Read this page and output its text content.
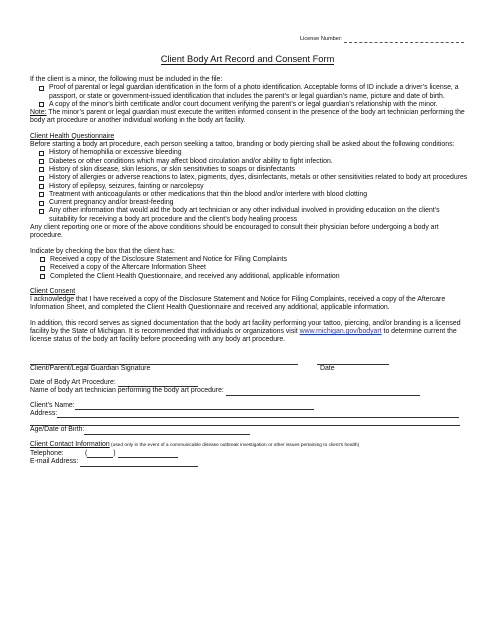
License Number:
Client Body Art Record and Consent Form

If the client is a minor, the following must be included in the file:

Proof of parental or legal guardian identification in the form of a photo identification. Acceptable forms of ID include a driver’s license, a passport, or state or government-issued identification that includes the parent’s or legal guardian’s name, picture and date of birth.
A copy of the minor’s birth certificate and/or court document verifying the parent’s or legal guardian’s relationship with the minor.

Note: The minor’s parent or legal guardian must execute the written informed consent in the presence of the body art technician performing the body art procedure or another individual working in the body art facility.

Client Health Questionnaire

Before starting a body art procedure, each person seeking a tattoo, branding or body piercing shall be asked about the following conditions:

History of hemophilia or excessive bleeding
Diabetes or other conditions which may affect blood circulation and/or ability to fight infection.
History of skin disease, skin lesions, or skin sensitivities to soaps or disinfectants
History of allergies or adverse reactions to latex, pigments, dyes, disinfectants, metals or other sensitivities related to body art procedures
History of epilepsy, seizures, fainting or narcolepsy
Treatment with anticoagulants or other medications that thin the blood and/or interfere with blood clotting
Current pregnancy and/or breast-feeding
Any other information that would aid the body art technician or any other individual involved in providing education on the client’s suitability for receiving a body art procedure and the client’s body healing process

Any client reporting one or more of the above conditions should be encouraged to consult their physician before undergoing a body art procedure.

Indicate by checking the box that the client has:

Received a copy of the Disclosure Statement and Notice for Filing Complaints
Received a copy of the Aftercare Information Sheet
Completed the Client Health Questionnaire, and received any additional, applicable information

Client Consent

I acknowledge that I have received a copy of the Disclosure Statement and Notice for Filing Complaints, received a copy of the Aftercare Information Sheet, and completed the Client Health Questionnaire and received any additional, applicable information.

In addition, this record serves as signed documentation that the body art facility performing your tattoo, piercing, and/or branding is a licensed facility by the State of Michigan. It is recommended that individuals or organizations visit www.michigan.gov/bodyart to determine current the license status of the body art facility before proceeding with any body art procedure.

Client/Parent/Legal Guardian Signature	Date

Date of Body Art Procedure:

Name of body art technician performing the body art procedure:

Client’s Name:

Address:

Age/Date of Birth:

Client Contact Information (used only in the event of a communicable disease outbreak investigation or other issues pertaining to client’s health)

Telephone:	(	)

E-mail Address:
